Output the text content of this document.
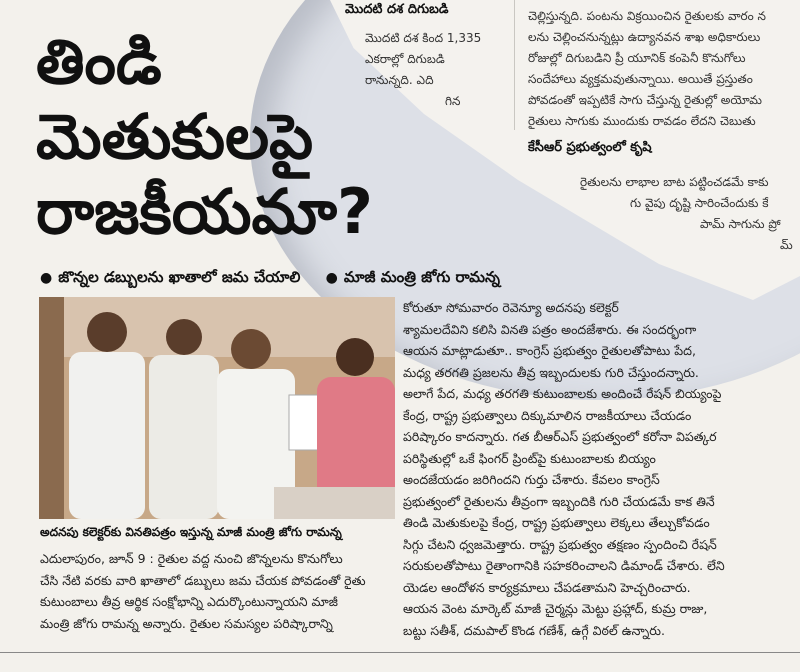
మొదటి దశ దిగుబడి
మొదటి దశ కింద 1,335
ఎకరాల్లో దిగుబడి
రానున్నది. ఎది
గిన
చెల్లిస్తున్నది. పంటను విక్రయించిన రైతులకు వారం న
లను చెల్లించనున్నట్లు ఉద్యానవన శాఖ అధికారులు
రోజుల్లో దిగుబడిని ప్రీ యూనిక్ కంపెనీ కొనుగోలు
సందేహాలు వ్యక్తమవుతున్నాయి. అయితే ప్రస్తుతం
పోవడంతో ఇప్పటికే సాగు చేస్తున్న రైతుల్లో అయోమ
రైతులు సాగుకు ముందుకు రావడం లేదని చెబుతు
కేసీఆర్ ప్రభుత్వంలో కృషి
రైతులను లాభాల బాట పట్టించడమే కాకు
గు వైపు దృష్టి సారించేందుకు కే
పామ్ సాగును ప్రో
మ్
తిండి
మెతుకులపై
రాజకీయమా?
● జొన్నల డబ్బులను ఖాతాలో జమ చేయాలి ● మాజీ మంత్రి జోగు రామన్న
అదనపు కలెక్టర్‌కు వినతిపత్రం ఇస్తున్న మాజీ మంత్రి జోగు రామన్న
కోరుతూ సోమవారం రెవెన్యూ అదనపు కలెక్టర్
శ్యామలదేవిని కలిసి వినతి పత్రం అందజేశారు. ఈ సందర్భంగా
ఆయన మాట్లాడుతూ.. కాంగ్రెస్ ప్రభుత్వం రైతులతోపాటు పేద,
మధ్య తరగతి ప్రజలను తీవ్ర ఇబ్బందులకు గురి చేస్తుందన్నారు.
అలాగే పేద, మధ్య తరగతి కుటుంబాలకు అందించే రేషన్ బియ్యంపై
కేంద్ర, రాష్ట్ర ప్రభుత్వాలు దిక్కుమాలిన రాజకీయాలు చేయడం
పరిష్కారం కాదన్నారు. గత బీఆర్ఎస్ ప్రభుత్వంలో కరోనా విపత్కర
పరిస్థితుల్లో ఒకే ఫింగర్ ప్రింట్‌పై కుటుంబాలకు బియ్యం
అందజేయడం జరిగిందని గుర్తు చేశారు. కేవలం కాంగ్రెస్
ప్రభుత్వంలో రైతులను తీవ్రంగా ఇబ్బందికి గురి చేయడమే కాక తినే
తిండి మెతుకులపై కేంద్ర, రాష్ట్ర ప్రభుత్వాలు లెక్కలు తేల్చుకోవడం
సిగ్గు చేటని ధ్వజమెత్తారు. రాష్ట్ర ప్రభుత్వం తక్షణం స్పందించి రేషన్
సరుకులతోపాటు రైతాంగానికి సహకరించాలని డిమాండ్ చేశారు. లేని
యెడల ఆందోళన కార్యక్రమాలు చేపడతామని హెచ్చరించారు.
ఆయన వెంట మార్కెట్ మాజీ చైర్మన్లు మెట్టు ప్రహ్లాద్, కుమ్ర రాజు,
బట్టు సతీశ్, దమపాల్ కొండ గణేశ్, ఉగ్గే విఠల్ ఉన్నారు.
ఎదులాపురం, జూన్ 9 : రైతుల వద్ద నుంచి జొన్నలను కొనుగోలు
చేసి నేటి వరకు వారి ఖాతాలో డబ్బులు జమ చేయక పోవడంతో రైతు
కుటుంబాలు తీవ్ర ఆర్థిక సంక్షోభాన్ని ఎదుర్కొంటున్నాయని మాజీ
మంత్రి జోగు రామన్న అన్నారు. రైతుల సమస్యల పరిష్కారాన్ని
